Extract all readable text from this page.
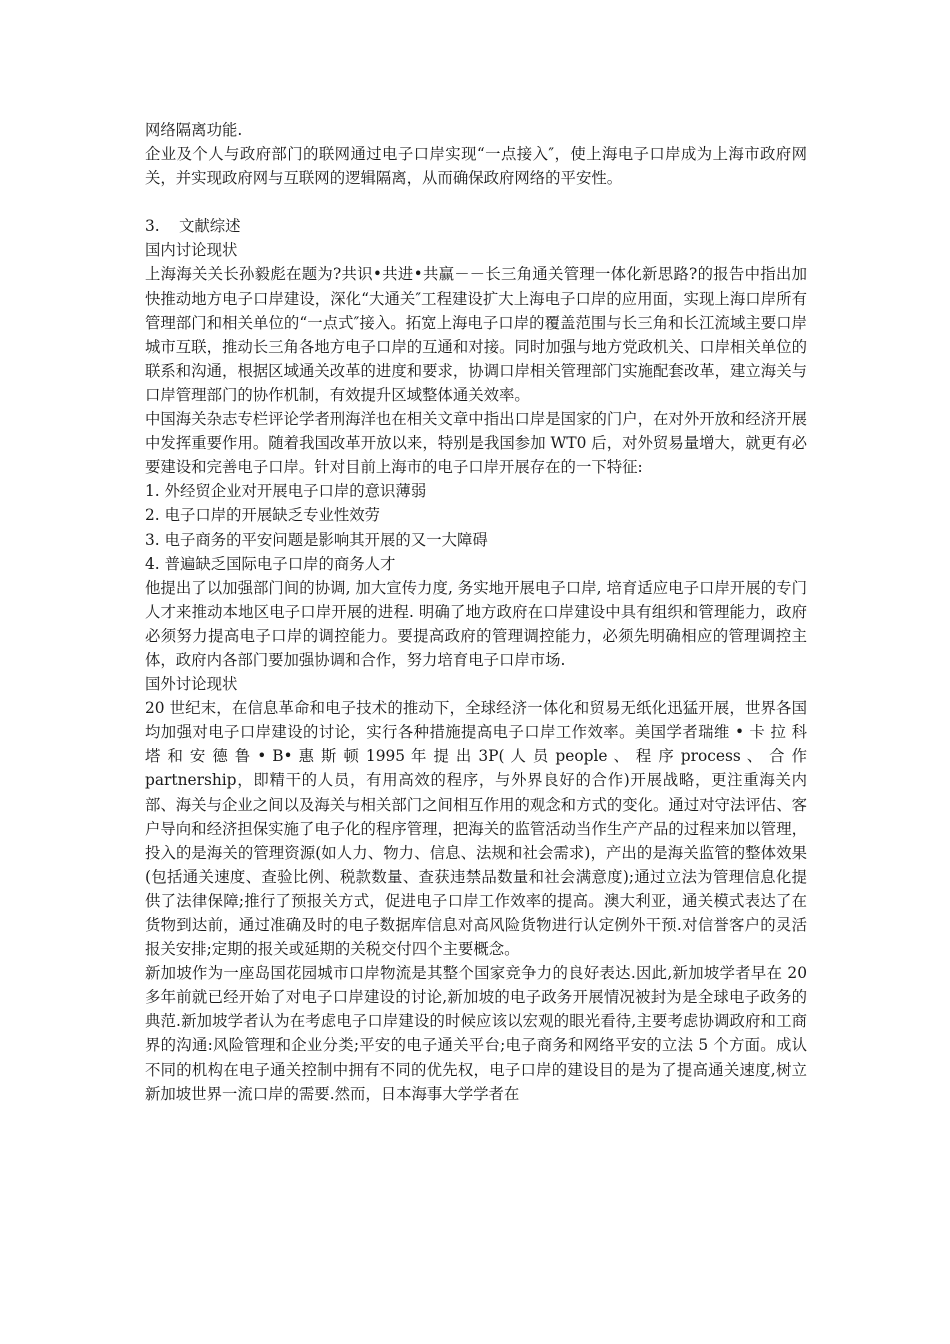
网络隔离功能.

企业及个人与政府部门的联网通过电子口岸实现“一点接入″，使上海电子口岸成为上海市政府网关，并实现政府网与互联网的逻辑隔离，从而确保政府网络的平安性。

3. 文献综述

国内讨论现状

上海海关关长孙毅彪在题为?共识•共进•共赢－－长三角通关管理一体化新思路?的报告中指出加快推动地方电子口岸建设，深化“大通关″工程建设扩大上海电子口岸的应用面，实现上海口岸所有管理部门和相关单位的“一点式″接入。拓宽上海电子口岸的覆盖范围与长三角和长江流域主要口岸城市互联，推动长三角各地方电子口岸的互通和对接。同时加强与地方党政机关、口岸相关单位的联系和沟通，根据区域通关改革的进度和要求，协调口岸相关管理部门实施配套改革，建立海关与口岸管理部门的协作机制，有效提升区域整体通关效率。

中国海关杂志专栏评论学者刑海洋也在相关文章中指出口岸是国家的门户，在对外开放和经济开展中发挥重要作用。随着我国改革开放以来，特别是我国参加 WT0 后，对外贸易量增大，就更有必要建设和完善电子口岸。针对目前上海市的电子口岸开展存在的一下特征:

1. 外经贸企业对开展电子口岸的意识薄弱

2. 电子口岸的开展缺乏专业性效劳

3. 电子商务的平安问题是影响其开展的又一大障碍

4. 普遍缺乏国际电子口岸的商务人才

他提出了以加强部门间的协调, 加大宣传力度, 务实地开展电子口岸, 培育适应电子口岸开展的专门人才来推动本地区电子口岸开展的进程. 明确了地方政府在口岸建设中具有组织和管理能力，政府必须努力提高电子口岸的调控能力。要提高政府的管理调控能力，必须先明确相应的管理调控主体，政府内各部门要加强协调和合作，努力培育电子口岸市场.

国外讨论现状

20 世纪末，在信息革命和电子技术的推动下，全球经济一体化和贸易无纸化迅猛开展，世界各国均加强对电子口岸建设的讨论，实行各种措施提高电子口岸工作效率。美国学者瑞维 • 卡 拉 科 塔 和 安 德 鲁 • B• 惠 斯 顿 1995 年 提 出 3P( 人 员 people 、 程 序 process 、 合 作 partnership，即精干的人员，有用高效的程序，与外界良好的合作)开展战略，更注重海关内部、海关与企业之间以及海关与相关部门之间相互作用的观念和方式的变化。通过对守法评估、客户导向和经济担保实施了电子化的程序管理，把海关的监管活动当作生产产品的过程来加以管理，投入的是海关的管理资源(如人力、物力、信息、法规和社会需求)，产出的是海关监管的整体效果(包括通关速度、查验比例、税款数量、查获违禁品数量和社会满意度);通过立法为管理信息化提供了法律保障;推行了预报关方式，促进电子口岸工作效率的提高。澳大利亚，通关模式表达了在货物到达前，通过准确及时的电子数据库信息对高风险货物进行认定例外干预.对信誉客户的灵活报关安排;定期的报关或延期的关税交付四个主要概念。

新加坡作为一座岛国花园城市口岸物流是其整个国家竞争力的良好表达.因此,新加坡学者早在 20 多年前就已经开始了对电子口岸建设的讨论,新加坡的电子政务开展情况被封为是全球电子政务的典范.新加坡学者认为在考虑电子口岸建设的时候应该以宏观的眼光看待,主要考虑协调政府和工商界的沟通:风险管理和企业分类;平安的电子通关平台;电子商务和网络平安的立法 5 个方面。成认不同的机构在电子通关控制中拥有不同的优先权，电子口岸的建设目的是为了提高通关速度,树立新加坡世界一流口岸的需要.然而，日本海事大学学者在
